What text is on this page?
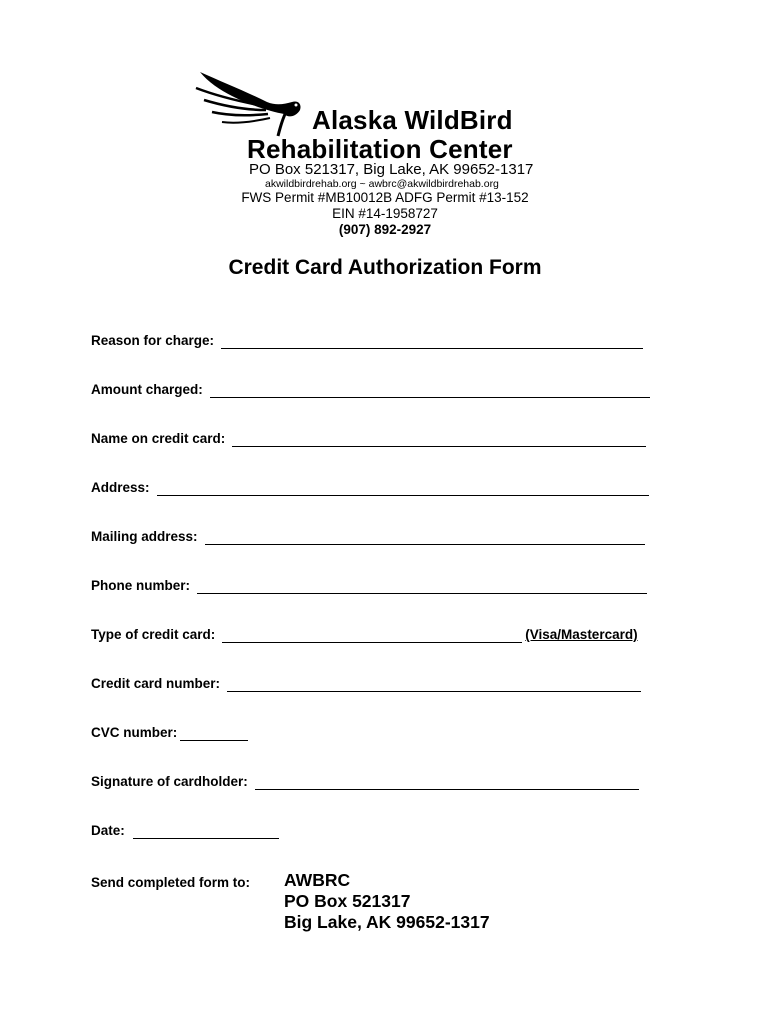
Alaska WildBird
Rehabilitation Center
PO Box 521317, Big Lake, AK 99652-1317
akwildbirdrehab.org ~ awbrc@akwildbirdrehab.org
FWS Permit #MB10012B ADFG Permit #13-152
EIN #14-1958727
(907) 892-2927
Credit Card Authorization Form
Reason for charge:
Amount charged:
Name on credit card:
Address:
Mailing address:
Phone number:
Type of credit card:	(Visa/Mastercard)
Credit card number:
CVC number:
Signature of cardholder:
Date:
Send completed form to: AWBRC
PO Box 521317
Big Lake, AK 99652-1317
